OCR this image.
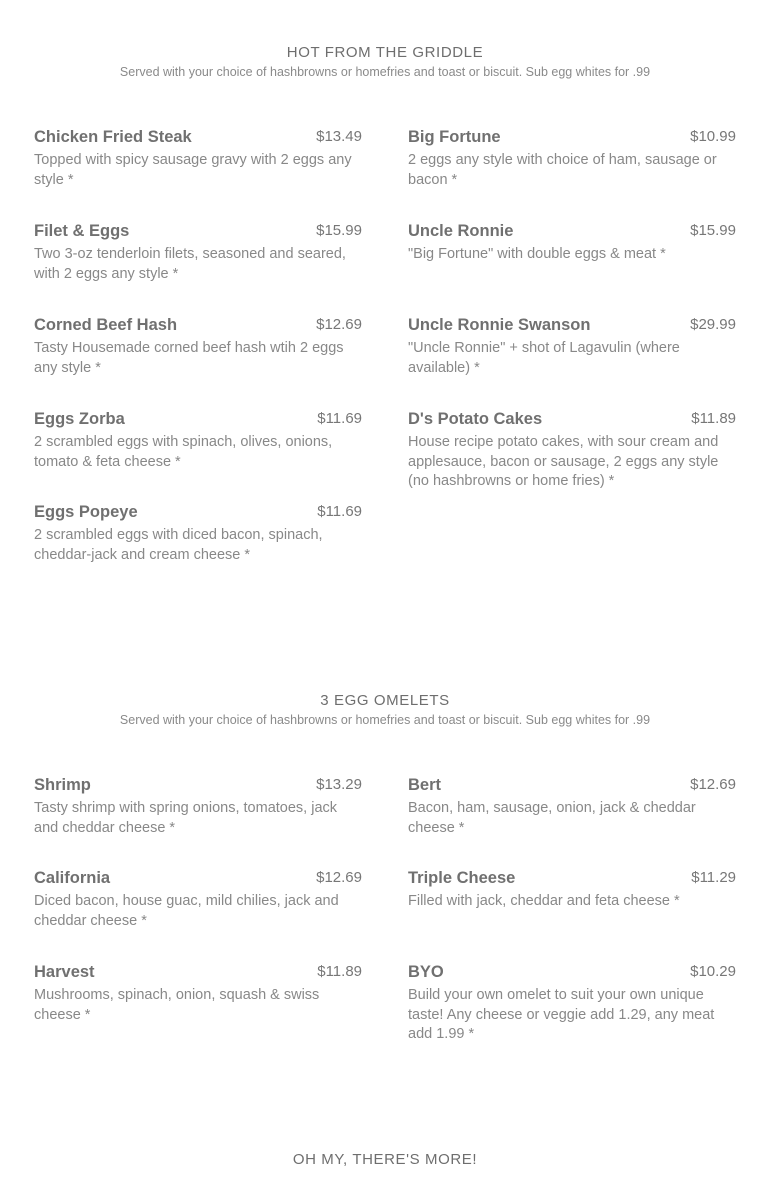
HOT FROM THE GRIDDLE
Served with your choice of hashbrowns or homefries and toast or biscuit. Sub egg whites for .99
Chicken Fried Steak	$13.49
Topped with spicy sausage gravy with 2 eggs any style *
Filet & Eggs	$15.99
Two 3-oz tenderloin filets, seasoned and seared, with 2 eggs any style *
Corned Beef Hash	$12.69
Tasty Housemade corned beef hash wtih 2 eggs any style *
Eggs Zorba	$11.69
2 scrambled eggs with spinach, olives, onions, tomato & feta cheese *
Eggs Popeye	$11.69
2 scrambled eggs with diced bacon, spinach, cheddar-jack and cream cheese *
Big Fortune	$10.99
2 eggs any style with choice of ham, sausage or bacon *
Uncle Ronnie	$15.99
"Big Fortune" with double eggs & meat *
Uncle Ronnie Swanson	$29.99
"Uncle Ronnie" + shot of Lagavulin (where available) *
D's Potato Cakes	$11.89
House recipe potato cakes, with sour cream and applesauce, bacon or sausage, 2 eggs any style (no hashbrowns or home fries) *
3 EGG OMELETS
Served with your choice of hashbrowns or homefries and toast or biscuit. Sub egg whites for .99
Shrimp	$13.29
Tasty shrimp with spring onions, tomatoes, jack and cheddar cheese *
California	$12.69
Diced bacon, house guac, mild chilies, jack and cheddar cheese *
Harvest	$11.89
Mushrooms, spinach, onion, squash & swiss cheese *
Bert	$12.69
Bacon, ham, sausage, onion, jack & cheddar cheese *
Triple Cheese	$11.29
Filled with jack, cheddar and feta cheese *
BYO	$10.29
Build your own omelet to suit your own unique taste! Any cheese or veggie add 1.29, any meat add 1.99 *
OH MY, THERE'S MORE!
